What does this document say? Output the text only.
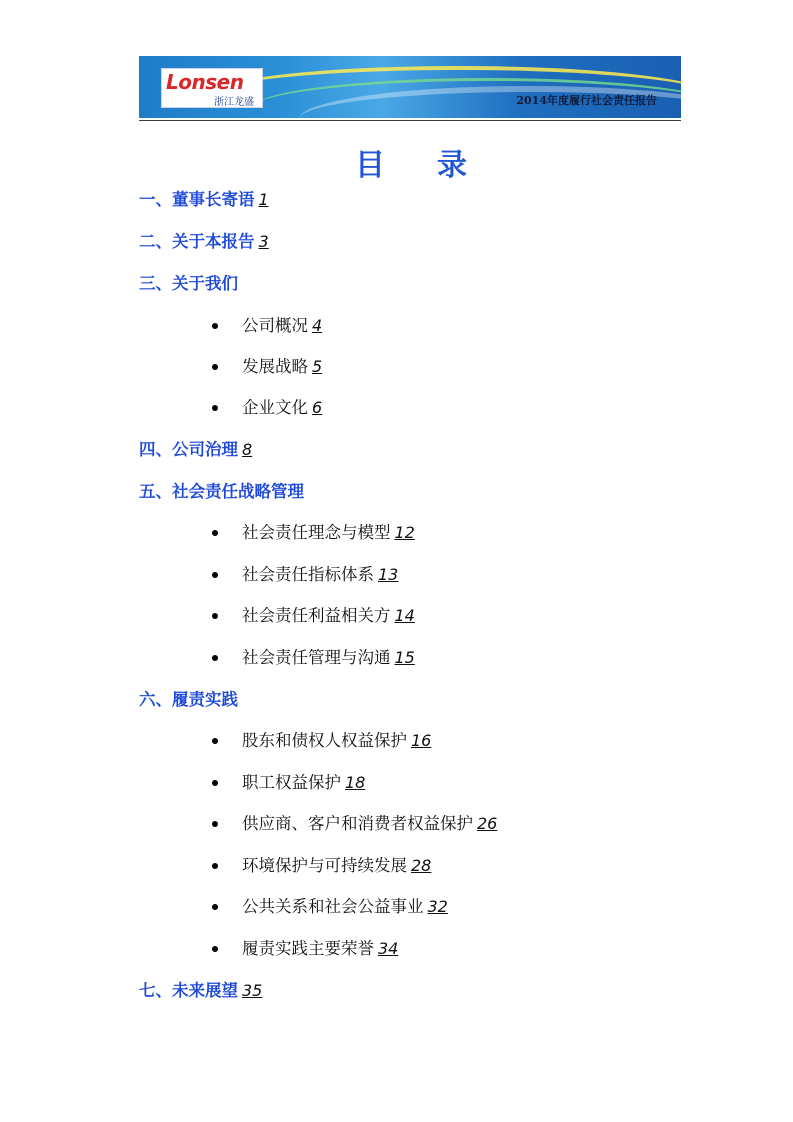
Lonsen
浙江龙盛	2014年度履行社会责任报告
目录
一、董事长寄语 1
二、关于本报告 3
三、关于我们
公司概况 4
发展战略 5
企业文化 6
四、公司治理 8
五、社会责任战略管理
社会责任理念与模型 12
社会责任指标体系 13
社会责任利益相关方 14
社会责任管理与沟通 15
六、履责实践
股东和债权人权益保护 16
职工权益保护 18
供应商、客户和消费者权益保护 26
环境保护与可持续发展 28
公共关系和社会公益事业 32
履责实践主要荣誉 34
七、未来展望 35
